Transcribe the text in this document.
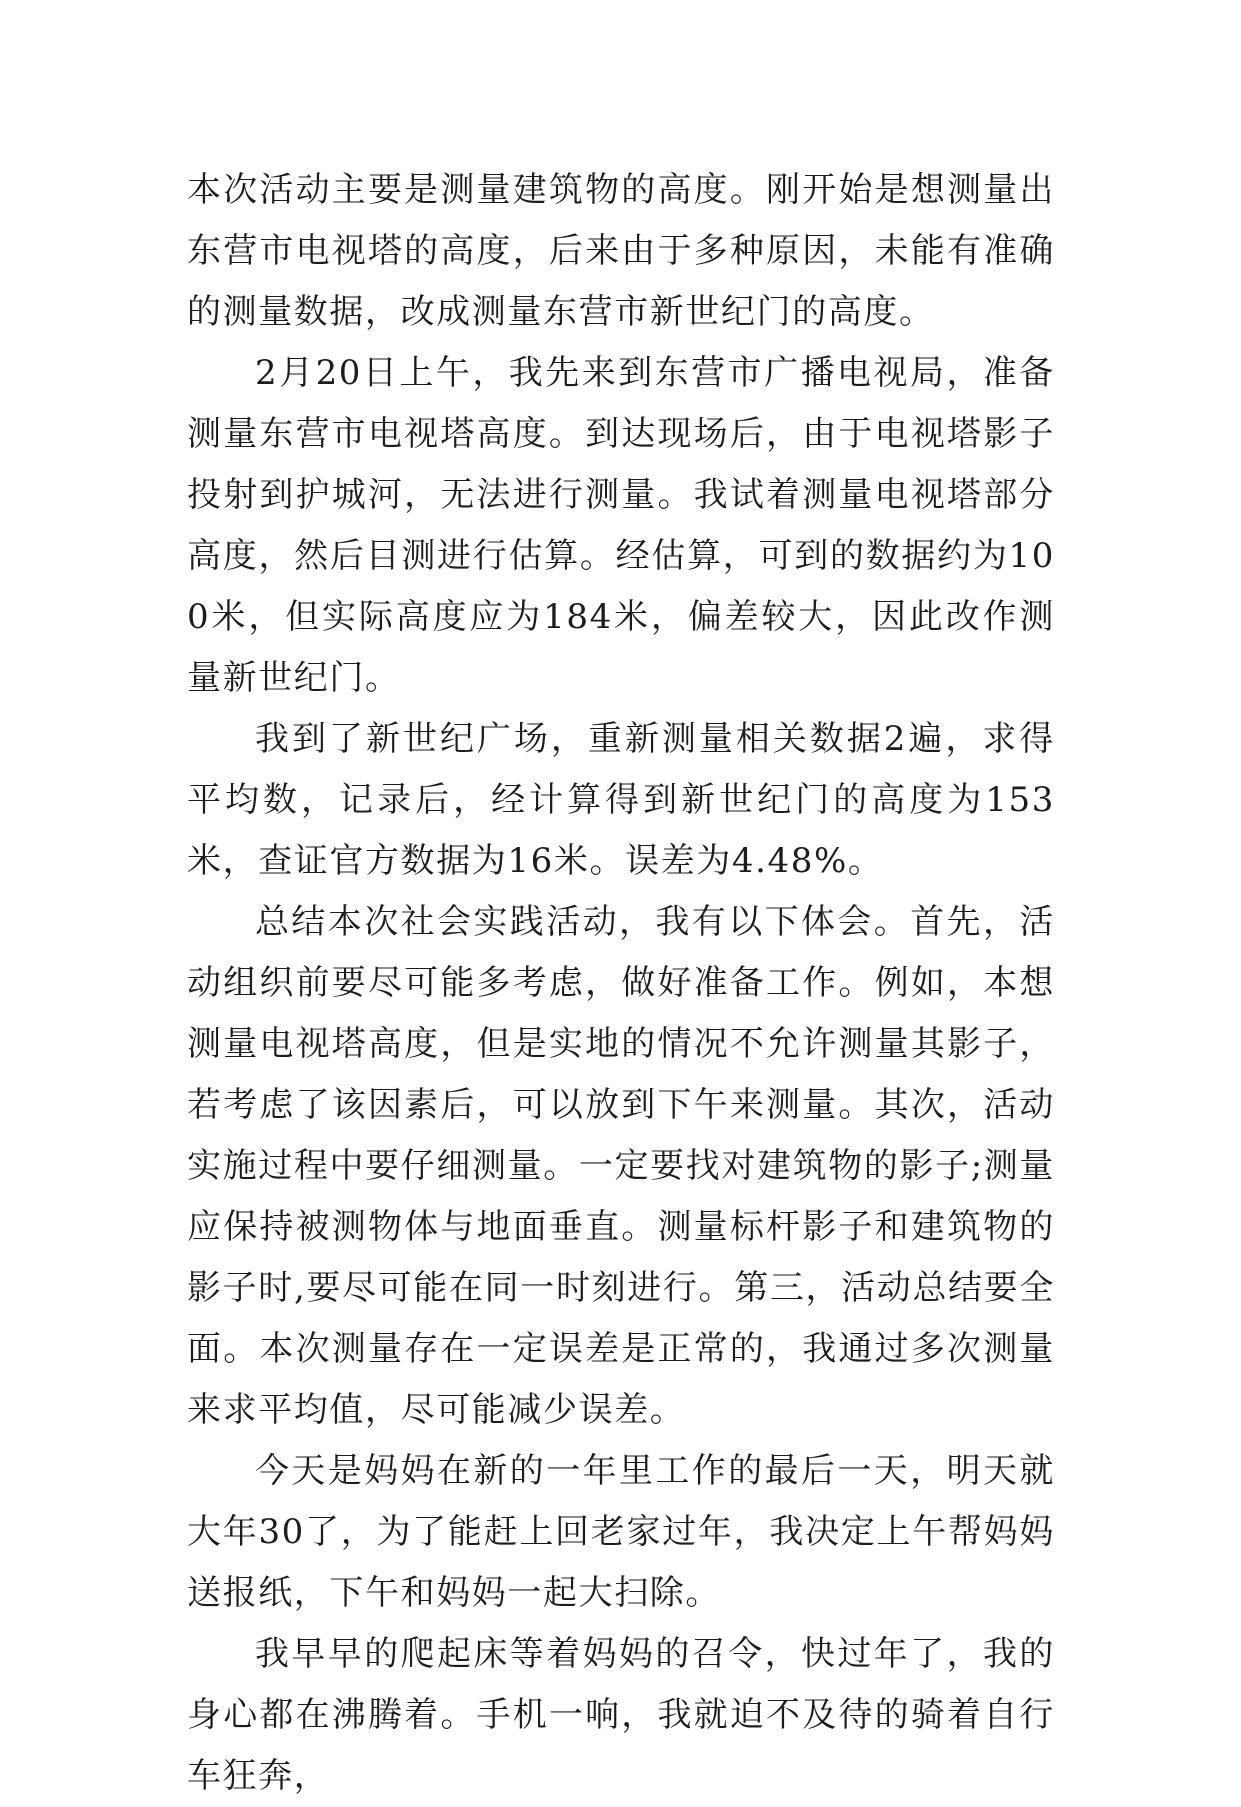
本次活动主要是测量建筑物的高度。刚开始是想测量出东营市电视塔的高度，后来由于多种原因，未能有准确的测量数据，改成测量东营市新世纪门的高度。

2月20日上午，我先来到东营市广播电视局，准备测量东营市电视塔高度。到达现场后，由于电视塔影子投射到护城河，无法进行测量。我试着测量电视塔部分高度，然后目测进行估算。经估算，可到的数据约为100米，但实际高度应为184米，偏差较大，因此改作测量新世纪门。

我到了新世纪广场，重新测量相关数据2遍，求得平均数，记录后，经计算得到新世纪门的高度为153米，查证官方数据为16米。误差为4.48%。

总结本次社会实践活动，我有以下体会。首先，活动组织前要尽可能多考虑，做好准备工作。例如，本想测量电视塔高度，但是实地的情况不允许测量其影子，若考虑了该因素后，可以放到下午来测量。其次，活动实施过程中要仔细测量。一定要找对建筑物的影子;测量应保持被测物体与地面垂直。测量标杆影子和建筑物的影子时,要尽可能在同一时刻进行。第三，活动总结要全面。本次测量存在一定误差是正常的，我通过多次测量来求平均值，尽可能减少误差。

今天是妈妈在新的一年里工作的最后一天，明天就大年30了，为了能赶上回老家过年，我决定上午帮妈妈送报纸，下午和妈妈一起大扫除。

我早早的爬起床等着妈妈的召令，快过年了，我的身心都在沸腾着。手机一响，我就迫不及待的骑着自行车狂奔，
